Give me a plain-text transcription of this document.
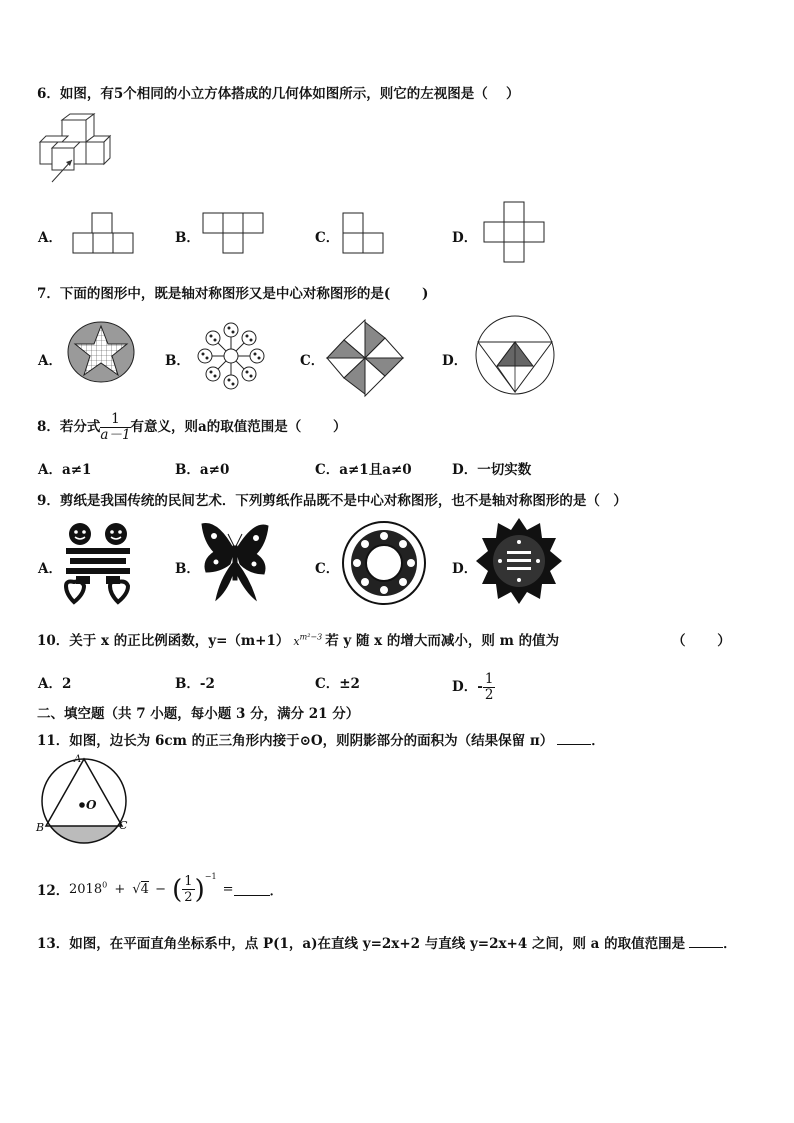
6．如图，有5个相同的小立方体搭成的几何体如图所示，则它的左视图是（　 ）
A．	B．	C．	D．
7．下面的图形中，既是轴对称图形又是中心对称图形的是(　 　)
A．	B．	C．	D．
8．若分式 $\frac{1}{a-1}$ 有意义，则a的取值范围是（　 　）
A．a≠1	B．a≠0	C．a≠1且a≠0	D．一切实数
9．剪纸是我国传统的民间艺术．下列剪纸作品既不是中心对称图形，也不是轴对称图形的是（　）
A．	B．	C．	D．
10．关于 x 的正比例函数，y=（m+1） $x^{m^2-3}$ 若 y 随 x 的增大而减小，则 m 的值为	（　 　）
A．2	B．-2	C．±2	D．- $\frac{1}{2}$
二、填空题（共 7 小题，每小题 3 分，满分 21 分）
11．如图，边长为 6cm 的正三角形内接于⊙O，则阴影部分的面积为（结果保留 π）	．
A
B	C
O
12． $2018^0 + √4$ − ( $\frac{1}{2} )^{-1}$ =	．
13．如图，在平面直角坐标系中，点 P(1，a)在直线 y=2x+2 与直线 y=2x+4 之间，则 a 的取值范围是	．
